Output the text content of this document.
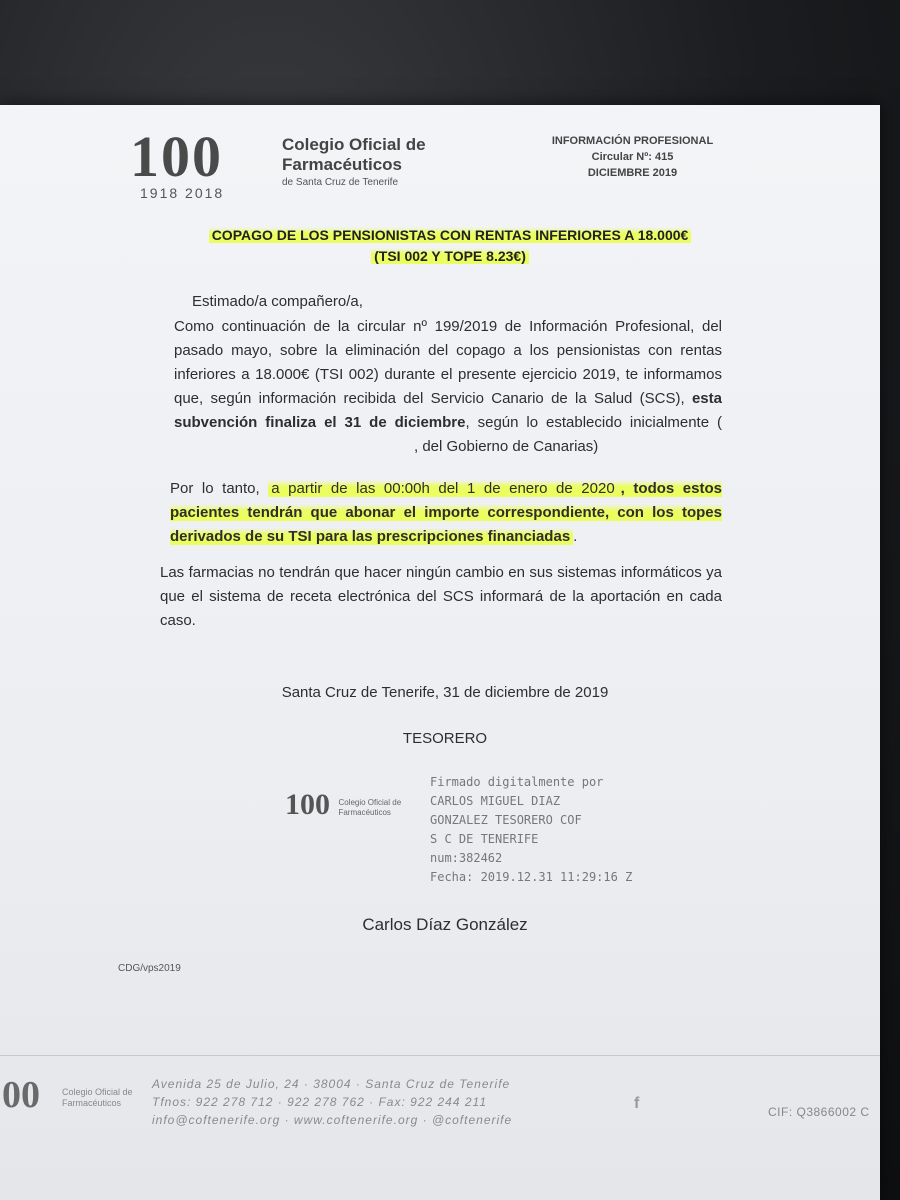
100
1918 2018
Colegio Oficial de
Farmacéuticos
de Santa Cruz de Tenerife
INFORMACIÓN PROFESIONAL
Circular Nº: 415
DICIEMBRE 2019
COPAGO DE LOS PENSIONISTAS CON RENTAS INFERIORES A 18.000€
(TSI 002 Y TOPE 8.23€)
Estimado/a compañero/a,
Como continuación de la circular nº 199/2019 de Información Profesional, del pasado mayo, sobre la eliminación del copago a los pensionistas con rentas inferiores a 18.000€ (TSI 002) durante el presente ejercicio 2019, te informamos que, según información recibida del Servicio Canario de la Salud (SCS), esta subvención finaliza el 31 de diciembre, según lo establecido inicialmente (, del Gobierno de Canarias)
Por lo tanto, a partir de las 00:00h del 1 de enero de 2020 , todos estos pacientes tendrán que abonar el importe correspondiente, con los topes derivados de su TSI para las prescripciones financiadas .
Las farmacias no tendrán que hacer ningún cambio en sus sistemas informáticos ya que el sistema de receta electrónica del SCS informará de la aportación en cada caso.
Santa Cruz de Tenerife, 31 de diciembre de 2019
TESORERO
100 Colegio Oficial de
Farmacéuticos
Firmado digitalmente por
CARLOS MIGUEL DIAZ
GONZALEZ TESORERO COF
S C DE TENERIFE
num:382462
Fecha: 2019.12.31 11:29:16 Z
Carlos Díaz González
CDG/vps2019
00 Colegio Oficial de
Farmacéuticos
Avenida 25 de Julio, 24 · 38004 · Santa Cruz de Tenerife
Tfnos: 922 278 712 · 922 278 762 · Fax: 922 244 211
info@coftenerife.org · www.coftenerife.org · @coftenerife
f	CIF: Q3866002 C
